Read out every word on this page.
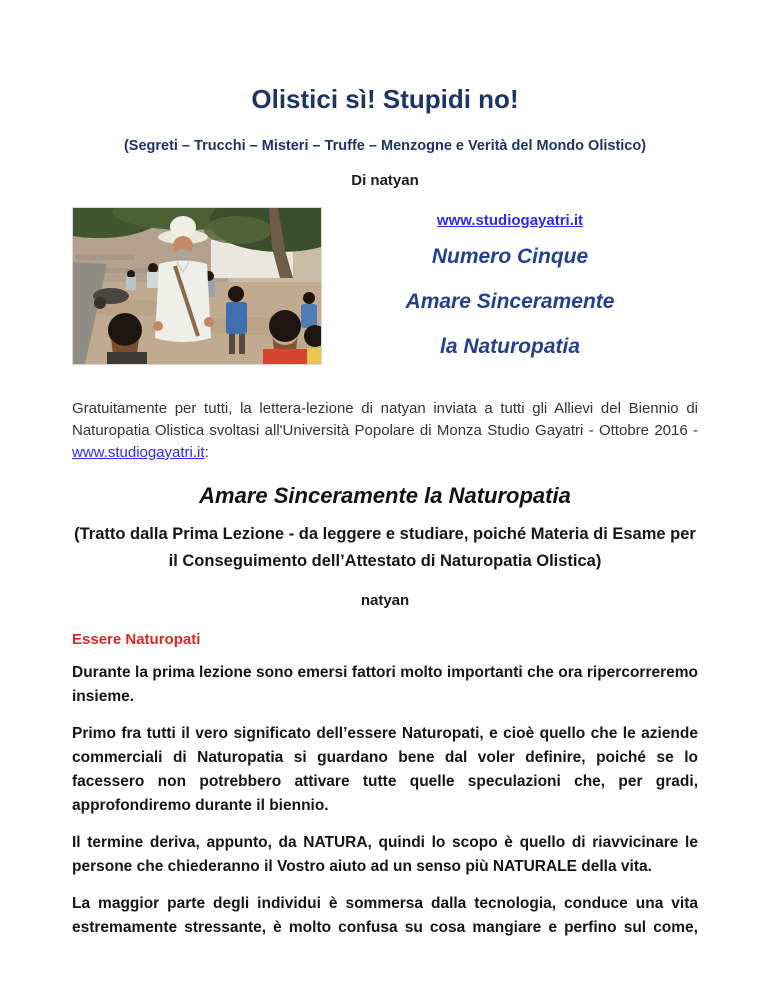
Olistici sì! Stupidi no!
(Segreti – Trucchi – Misteri – Truffe – Menzogne e Verità del Mondo Olistico)
Di natyan
www.studiogayatri.it
Numero Cinque
Amare Sinceramente
la Naturopatia

Gratuitamente per tutti, la lettera-lezione di natyan inviata a tutti gli Allievi del Biennio di Naturopatia Olistica svoltasi all'Università Popolare di Monza Studio Gayatri - Ottobre 2016 - www.studiogayatri.it:

Amare Sinceramente la Naturopatia
(Tratto dalla Prima Lezione - da leggere e studiare, poiché Materia di Esame per il Conseguimento dell’Attestato di Naturopatia Olistica)
natyan
Essere Naturopati

Durante la prima lezione sono emersi fattori molto importanti che ora ripercorreremo insieme.

Primo fra tutti il vero significato dell’essere Naturopati, e cioè quello che le aziende commerciali di Naturopatia si guardano bene dal voler definire, poiché se lo facessero non potrebbero attivare tutte quelle speculazioni che, per gradi, approfondiremo durante il biennio.

Il termine deriva, appunto, da NATURA, quindi lo scopo è quello di riavvicinare le persone che chiederanno il Vostro aiuto ad un senso più NATURALE della vita.

La maggior parte degli individui è sommersa dalla tecnologia, conduce una vita estremamente stressante, è molto confusa su cosa mangiare e perfino sul come,
